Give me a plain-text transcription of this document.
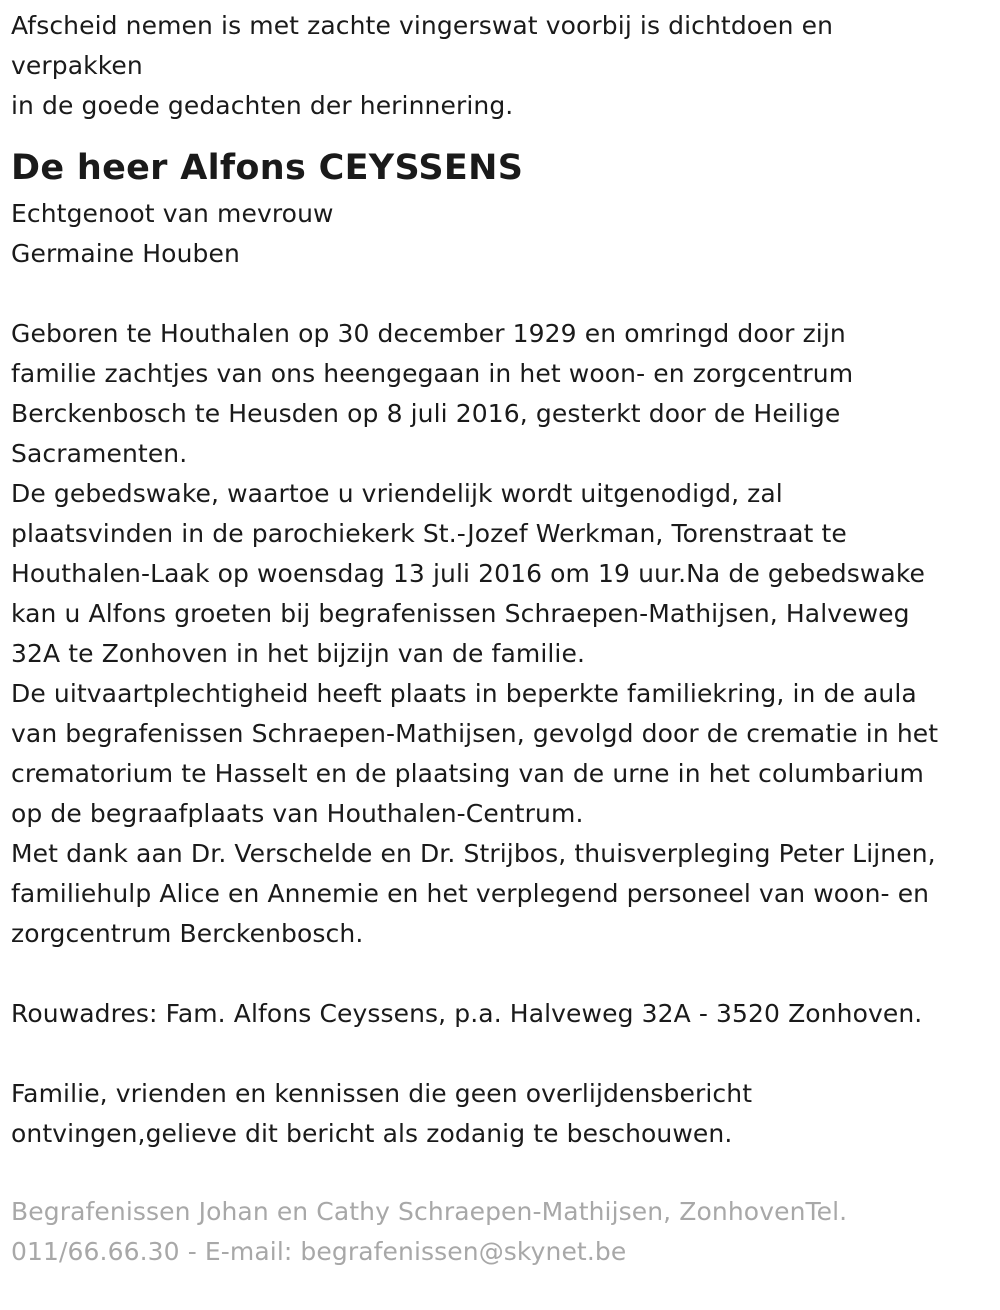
Afscheid nemen is met zachte vingerswat voorbij is dichtdoen en
verpakken
in de goede gedachten der herinnering.
De heer Alfons CEYSSENS
Echtgenoot van mevrouw
Germaine Houben
Geboren te Houthalen op 30 december 1929 en omringd door zijn
familie zachtjes van ons heengegaan in het woon- en zorgcentrum
Berckenbosch te Heusden op 8 juli 2016, gesterkt door de Heilige
Sacramenten.
De gebedswake, waartoe u vriendelijk wordt uitgenodigd, zal
plaatsvinden in de parochiekerk St.-Jozef Werkman, Torenstraat te
Houthalen-Laak op woensdag 13 juli 2016 om 19 uur.Na de gebedswake
kan u Alfons groeten bij begrafenissen Schraepen-Mathijsen, Halveweg
32A te Zonhoven in het bijzijn van de familie.
De uitvaartplechtigheid heeft plaats in beperkte familiekring, in de aula
van begrafenissen Schraepen-Mathijsen, gevolgd door de crematie in het
crematorium te Hasselt en de plaatsing van de urne in het columbarium
op de begraafplaats van Houthalen-Centrum.
Met dank aan Dr. Verschelde en Dr. Strijbos, thuisverpleging Peter Lijnen,
familiehulp Alice en Annemie en het verplegend personeel van woon- en
zorgcentrum Berckenbosch.
Rouwadres: Fam. Alfons Ceyssens, p.a. Halveweg 32A - 3520 Zonhoven.
Familie, vrienden en kennissen die geen overlijdensbericht
ontvingen,gelieve dit bericht als zodanig te beschouwen.
Begrafenissen Johan en Cathy Schraepen-Mathijsen, ZonhovenTel.
011/66.66.30 - E-mail: begrafenissen@skynet.be
